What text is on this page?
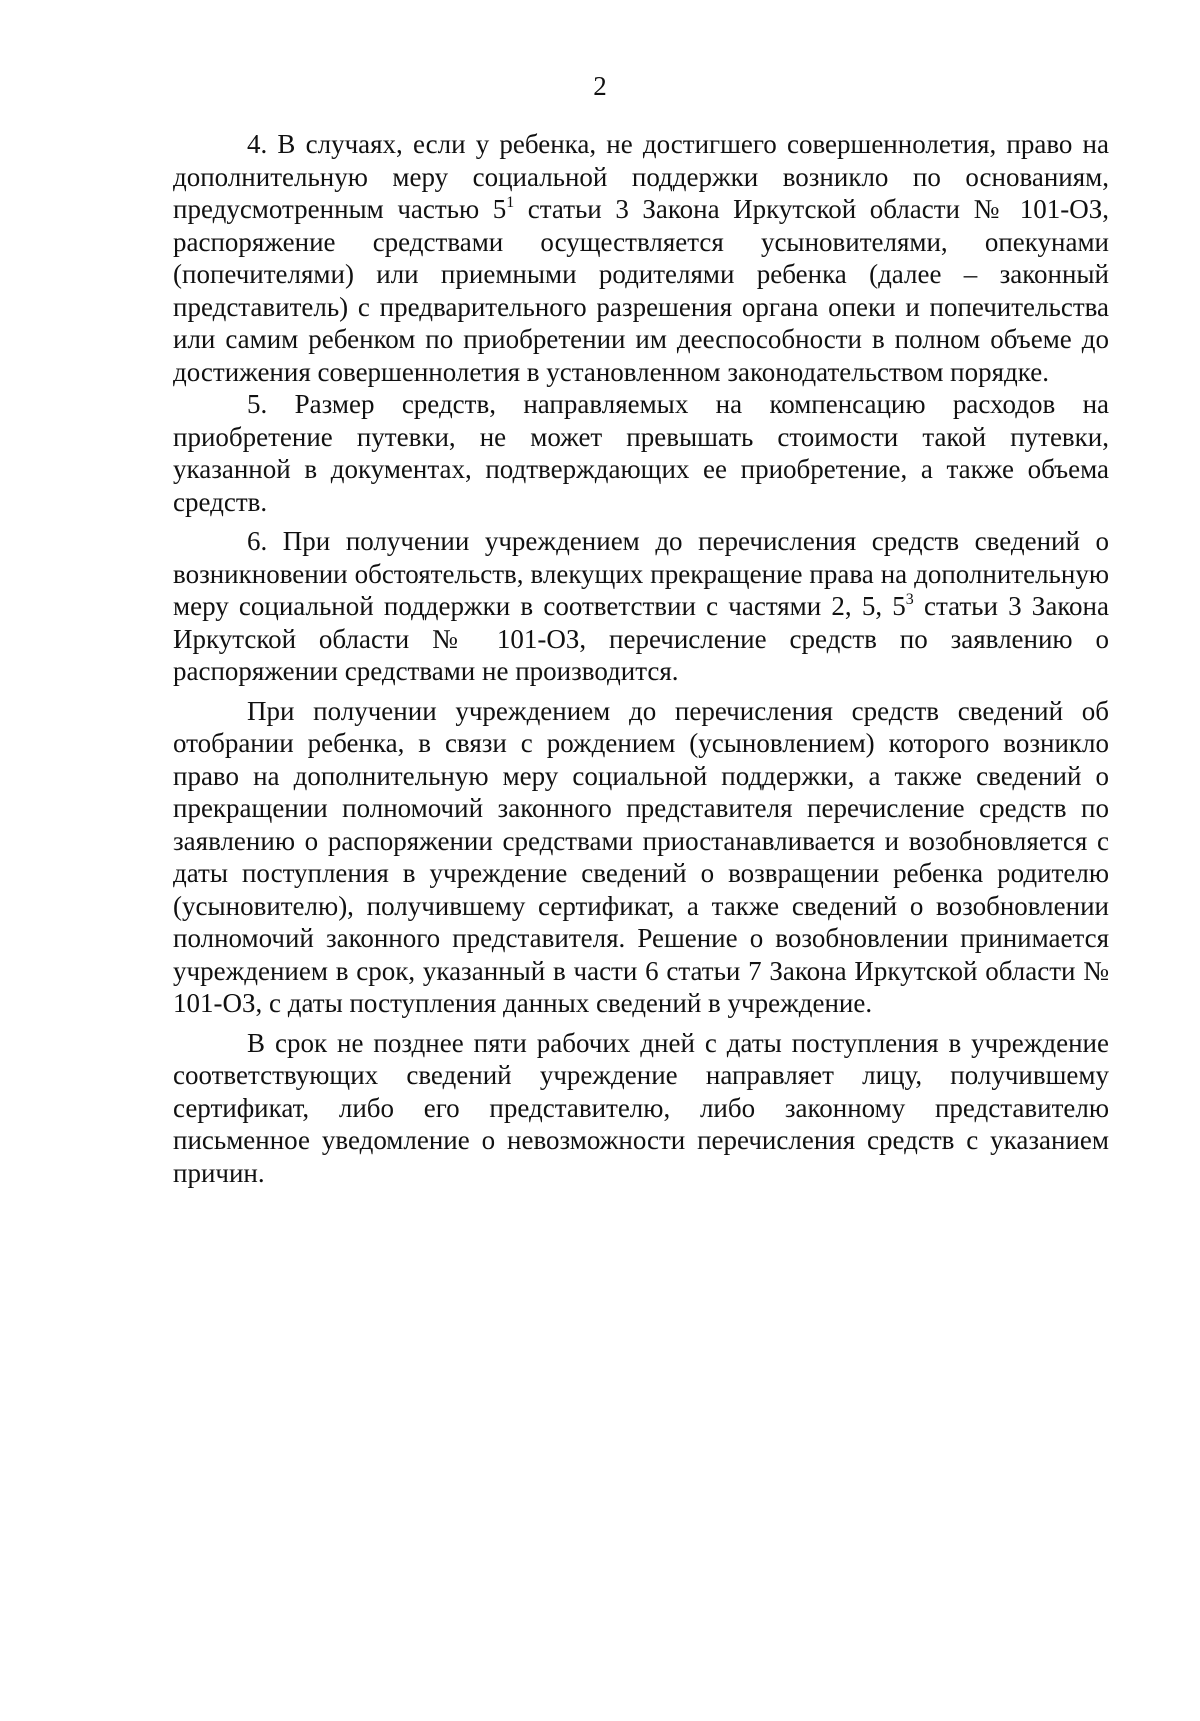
2

4. В случаях, если у ребенка, не достигшего совершеннолетия, право на дополнительную меру социальной поддержки возникло по основаниям, предусмотренным частью $5^1$ статьи 3 Закона Иркутской области № 101-ОЗ, распоряжение средствами осуществляется усыновителями, опекунами (попечителями) или приемными родителями ребенка (далее – законный представитель) с предварительного разрешения органа опеки и попечительства или самим ребенком по приобретении им дееспособности в полном объеме до достижения совершеннолетия в установленном законодательством порядке.

5. Размер средств, направляемых на компенсацию расходов на приобретение путевки, не может превышать стоимости такой путевки, указанной в документах, подтверждающих ее приобретение, а также объема средств.

6. При получении учреждением до перечисления средств сведений о возникновении обстоятельств, влекущих прекращение права на дополнительную меру социальной поддержки в соответствии с частями 2, 5, $5^3$ статьи 3 Закона Иркутской области № 101-ОЗ, перечисление средств по заявлению о распоряжении средствами не производится.

При получении учреждением до перечисления средств сведений об отобрании ребенка, в связи с рождением (усыновлением) которого возникло право на дополнительную меру социальной поддержки, а также сведений о прекращении полномочий законного представителя перечисление средств по заявлению о распоряжении средствами приостанавливается и возобновляется с даты поступления в учреждение сведений о возвращении ребенка родителю (усыновителю), получившему сертификат, а также сведений о возобновлении полномочий законного представителя. Решение о возобновлении принимается учреждением в срок, указанный в части 6 статьи 7 Закона Иркутской области № 101-ОЗ, с даты поступления данных сведений в учреждение.

В срок не позднее пяти рабочих дней с даты поступления в учреждение соответствующих сведений учреждение направляет лицу, получившему сертификат, либо его представителю, либо законному представителю письменное уведомление о невозможности перечисления средств с указанием причин.
